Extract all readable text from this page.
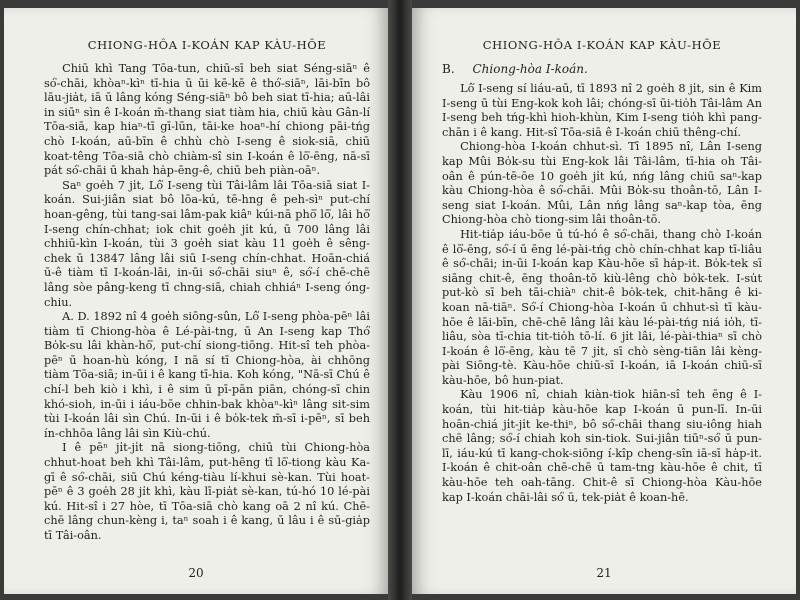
CHIONG-HÔA I-KOÁN KAP KÀU-HŌE

Chiū khì Tang Tōa-tun, chiū-sī beh siat Séng-siāⁿ ê só͘-chāi, khòaⁿ-kìⁿ tī-hia ū ūi kē-kē ê thó͘-siāⁿ, lāi-bīn bô lāu-jia̍t, iā ū lâng kóng Séng-siāⁿ bô beh siat tī-hia; aū-lâi in siūⁿ sìn ê I-koán m̄-thang siat tiàm hia, chiū kàu Gân-lí Tōa-siā, kap hiaⁿ-tī gī-lūn, tāi-ke hoaⁿ-hí chiong pāi-tńg chò I-koán, aū-bīn ê chhù chò I-seng ê siok-siā, chiū koat-têng Tōa-siā chò chiàm-sî sin I-koán ê lō͘-ēng, nā-sī pát só͘-chāi ū khah ha̍p-ēng-ê, chiū beh piàn-oāⁿ.

Saⁿ goe̍h 7 ji̍t, Lô͘ I-seng tùi Tâi-lâm lâi Tōa-siā siat I-koán. Sui-jiân siat bô lōa-kú, tē-hng ê peh-sìⁿ put-chí hoan-gêng, tùi tang-sai lâm-pak kiâⁿ kúi-nā phō͘ lō͘, lâi hō͘ I-seng chín-chhat; iok chit goe̍h ji̍t kú, ū 700 lâng lâi chhiū-kìn I-koán, tùi 3 goe̍h siat kàu 11 goe̍h ê sêng-chek ū 13847 lâng lâi siū I-seng chín-chhat. Hoān-chiá ū-ê tiàm tī I-koán-lāi, in-ūi só͘-chāi siuⁿ ê, só͘-í chē-chē lâng sòe pâng-keng tī chng-siā, chiah chhiáⁿ I-seng óng-chiu.

A. D. 1892 nî 4 goe̍h siōng-sûn, Lô͘ I-seng phòa-pēⁿ lâi tiàm tī Chiong-hòa ê Lé-pài-tng, ū An I-seng kap Thó͘ Bo̍k-su lâi khàn-hō͘, put-chí siong-tiōng. Hit-sî teh phòa-pēⁿ ū hoan-hù kóng, I nā sí tī Chiong-hòa, ài chhōng tiàm Tōa-siā; in-ūi i ê kang tī-hia. Koh kóng, "Nā-sī Chú ê chí-l beh kiò i khì, i ê sim ū pī-pān piān, chóng-sī chin khó-sioh, in-ūi i iáu-bōe chhin-bak khòaⁿ-kìⁿ lâng sit-sim tùi I-koán lâi sìn Chú. In-ūi i ê bo̍k-tek m̄-sī i-pēⁿ, sī beh ín-chhōa lâng lâi sìn Kiù-chú.

I ê pēⁿ ji̍t-ji̍t nā siong-tiōng, chiū tùi Chiong-hòa chhut-hoat beh khì Tâi-lâm, put-hēng tī lō͘-tiong kàu Ka-gī ê só͘-chāi, siū Chú kéng-tiàu lí-khui sè-kan. Tùi hoat-pēⁿ ê 3 goe̍h 28 ji̍t khì, kàu lī-pia̍t sè-kan, tú-hó 10 lé-pài kú. Hit-sî i 27 hòe, tī Tōa-siā chò kang oā 2 nî kú. Chē-chē lâng chun-kèng i, taⁿ soah i ê kang, ū lâu i ê sū-gia̍p tī Tâi-oân.

20
CHIONG-HÔA I-KOÁN KAP KÀU-HŌE
B. Chiong-hòa I-koán.

Lô͘ I-seng sí liáu-aū, tī 1893 nî 2 goe̍h 8 ji̍t, sin ê Kim I-seng ū tùi Eng-kok koh lâi; chóng-sī ūi-tio̍h Tâi-lâm An I-seng beh tńg-khì hioh-khùn, Kim I-seng tio̍h khì pang-chān i ê kang. Hit-sî Tōa-siā ê I-koán chiū thêng-chí.

Chiong-hòa I-koán chhut-sì. Tī 1895 nî, Lân I-seng kap Mûi Bo̍k-su tùi Eng-kok lâi Tâi-lâm, tī-hia oh Tâi-oân ê pún-tē-ōe 10 goe̍h ji̍t kú, nńg lâng chiū saⁿ-kap kàu Chiong-hòa ê só͘-chāi. Mûi Bo̍k-su thoân-tō, Lân I-seng siat I-koán. Mûi, Lân nńg lâng saⁿ-kap tòa, ēng Chiong-hòa chò tiong-sim lâi thoân-tō.

Hit-tia̍p iáu-bōe ū tú-hó ê só͘-chāi, thang chò I-koán ê lō͘-ēng, só͘-í ū ēng lé-pài-tńg chò chín-chhat kap tī-liâu ê só͘-chāi; in-ūi I-koán kap Kàu-hōe sī ha̍p-it. Bo̍k-tek sī siāng chit-ê, ēng thoân-tō kiù-lêng chò bo̍k-tek. I-su̍t put-kò sī beh tāi-chiàⁿ chit-ê bo̍k-tek, chit-hāng ê ki-koan nā-tiāⁿ. Só͘-í Chiong-hòa I-koán ū chhut-sì tī kàu-hōe ê lāi-bīn, chē-chē lâng lâi kàu lé-pài-tńg niá io̍h, tī-liâu, sòa tī-chia tit-tio̍h tō-lí. 6 ji̍t lâi, lé-pài-thiaⁿ sī chò I-koán ê lō͘-ēng, kàu tē 7 ji̍t, sī chò sèng-tiān lâi kèng-pài Siōng-tè. Kàu-hōe chiū-sī I-koán, iā I-koán chiū-sī kàu-hōe, bô hun-piat.

Kàu 1906 nî, chiah kiàn-tiok hiān-sî teh ēng ê I-koán, tùi hit-tia̍p kàu-hōe kap I-koán ū pun-lī. In-ūi hoān-chiá ji̍t-ji̍t ke-thiⁿ, bô só͘-chāi thang siu-iông hiah chē lâng; só͘-í chiah koh sin-tiok. Sui-jiân tiūⁿ-só͘ ū pun-lī, iáu-kú tī kang-chok-siōng í-kîp cheng-sîn iā-sī ha̍p-it. I-koán ê chit-oân chē-chē ū tam-tng kàu-hōe ê chit, tī kàu-hōe teh oah-tāng. Chit-ê sī Chiong-hòa Kàu-hōe kap I-koán chāi-lâi só͘ ū, tek-pia̍t ê koan-hē.

21
